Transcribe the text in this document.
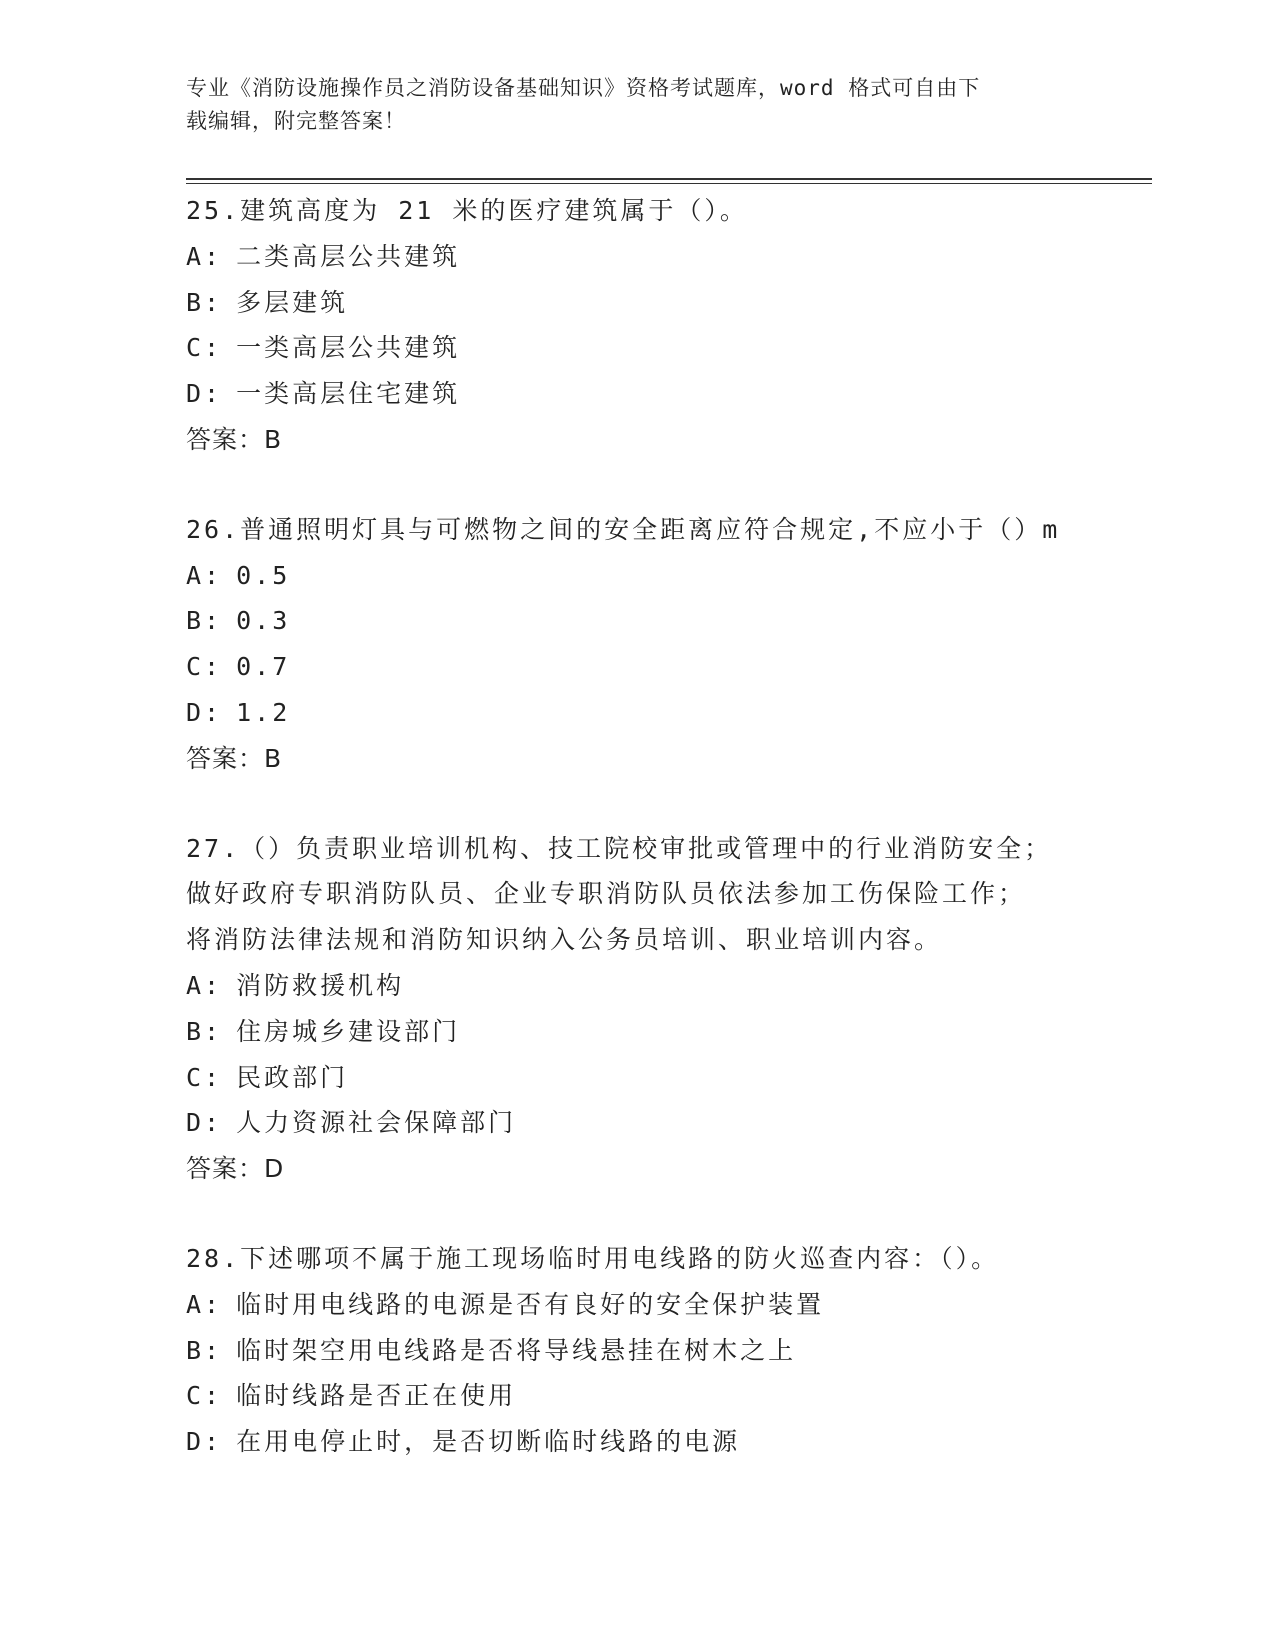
专业《消防设施操作员之消防设备基础知识》资格考试题库，word 格式可自由下
载编辑，附完整答案！
25.建筑高度为 21 米的医疗建筑属于（）。
A: 二类高层公共建筑
B: 多层建筑
C: 一类高层公共建筑
D: 一类高层住宅建筑
答案：B
26.普通照明灯具与可燃物之间的安全距离应符合规定,不应小于（）m
A: 0.5
B: 0.3
C: 0.7
D: 1.2
答案：B
27.（）负责职业培训机构、技工院校审批或管理中的行业消防安全；
做好政府专职消防队员、企业专职消防队员依法参加工伤保险工作；
将消防法律法规和消防知识纳入公务员培训、职业培训内容。
A: 消防救援机构
B: 住房城乡建设部门
C: 民政部门
D: 人力资源社会保障部门
答案：D
28.下述哪项不属于施工现场临时用电线路的防火巡查内容：（）。
A: 临时用电线路的电源是否有良好的安全保护装置
B: 临时架空用电线路是否将导线悬挂在树木之上
C: 临时线路是否正在使用
D: 在用电停止时，是否切断临时线路的电源
